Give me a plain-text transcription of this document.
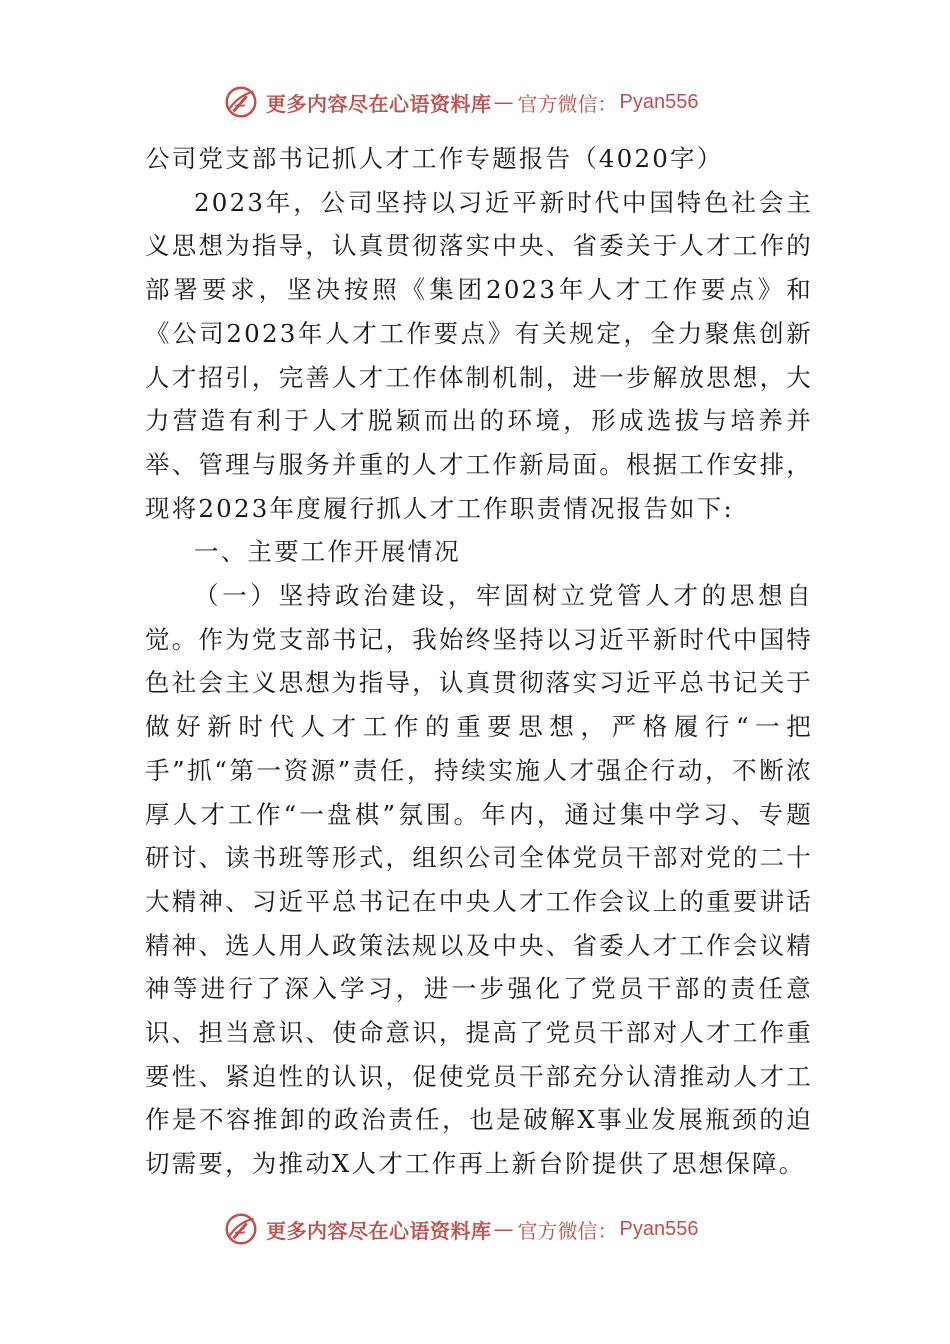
更多内容尽在心语资料库 — 官方微信： Pyan556

公司党支部书记抓人才工作专题报告（4020字）

2023年，公司坚持以习近平新时代中国特色社会主义思想为指导，认真贯彻落实中央、省委关于人才工作的部署要求，坚决按照《集团2023年人才工作要点》和《公司2023年人才工作要点》有关规定，全力聚焦创新人才招引，完善人才工作体制机制，进一步解放思想，大力营造有利于人才脱颖而出的环境，形成选拔与培养并举、管理与服务并重的人才工作新局面。根据工作安排，现将2023年度履行抓人才工作职责情况报告如下:

一、主要工作开展情况

（一）坚持政治建设，牢固树立党管人才的思想自觉。作为党支部书记，我始终坚持以习近平新时代中国特色社会主义思想为指导，认真贯彻落实习近平总书记关于做好新时代人才工作的重要思想，严格履行“一把手”抓“第一资源”责任，持续实施人才强企行动，不断浓厚人才工作“一盘棋”氛围。年内，通过集中学习、专题研讨、读书班等形式，组织公司全体党员干部对党的二十大精神、习近平总书记在中央人才工作会议上的重要讲话精神、选人用人政策法规以及中央、省委人才工作会议精神等进行了深入学习，进一步强化了党员干部的责任意识、担当意识、使命意识，提高了党员干部对人才工作重要性、紧迫性的认识，促使党员干部充分认清推动人才工作是不容推卸的政治责任，也是破解X事业发展瓶颈的迫切需要，为推动X人才工作再上新台阶提供了思想保障。

更多内容尽在心语资料库 — 官方微信： Pyan556
